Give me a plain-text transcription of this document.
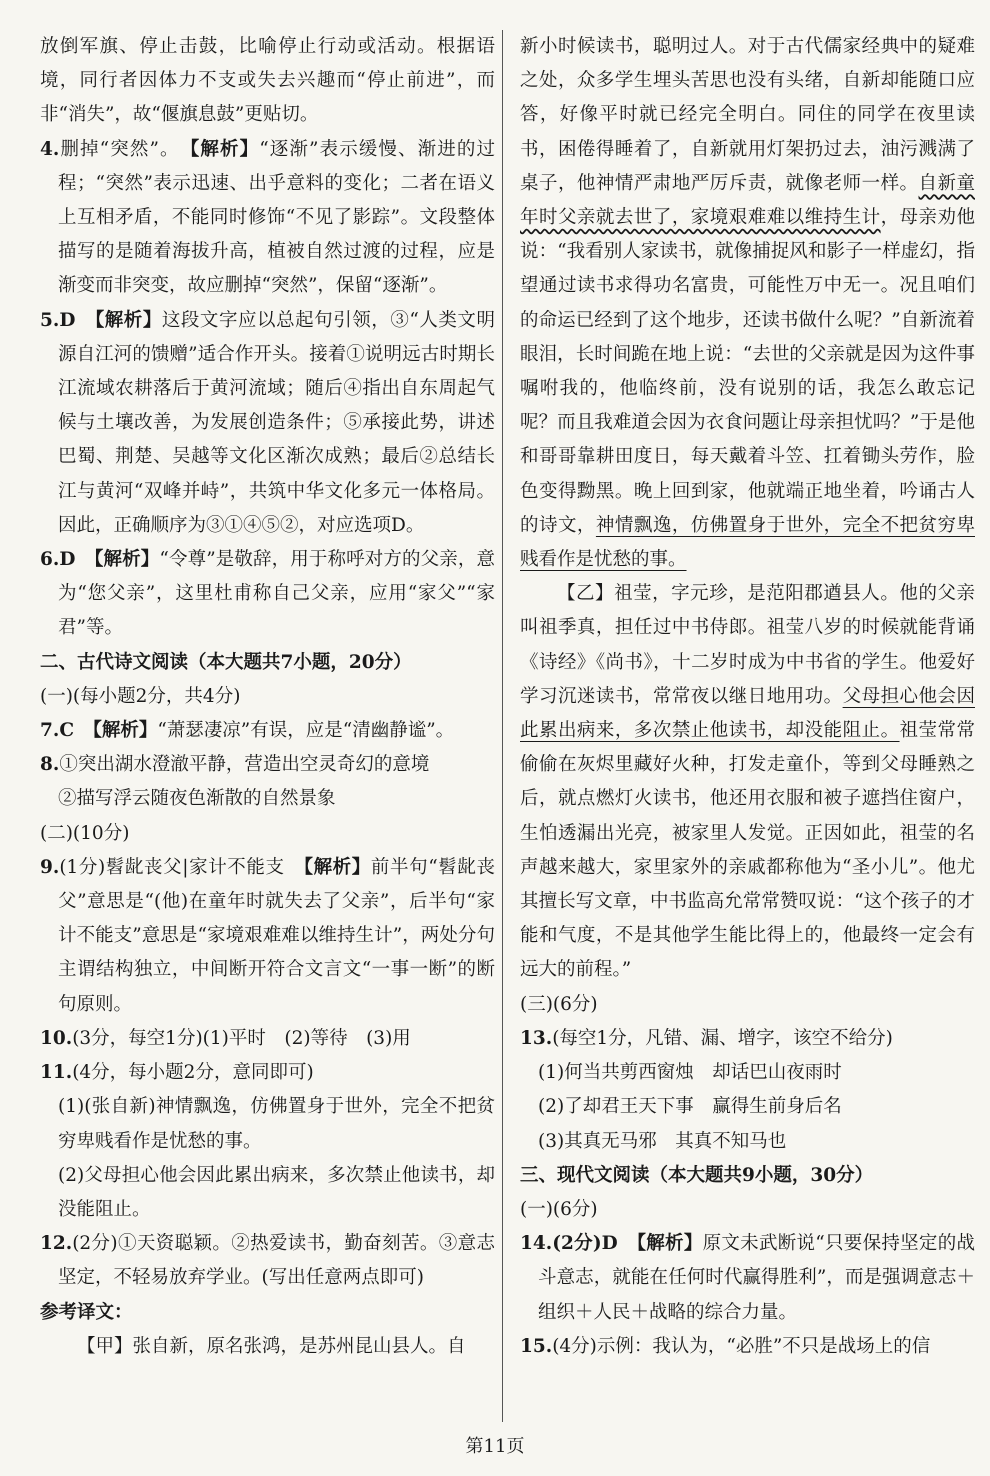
放倒军旗、停止击鼓，比喻停止行动或活动。根据语境，同行者因体力不支或失去兴趣而“停止前进”，而非“消失”，故“偃旗息鼓”更贴切。

4.删掉“突然”。　 【解析】“逐渐”表示缓慢、渐进的过程；“突然”表示迅速、出乎意料的变化；二者在语义上互相矛盾，不能同时修饰“不见了影踪”。文段整体描写的是随着海拔升高，植被自然过渡的过程，应是渐变而非突变，故应删掉“突然”，保留“逐渐”。

5.D　 【解析】这段文字应以总起句引领，③“人类文明源自江河的馈赠”适合作开头。接着①说明远古时期长江流域农耕落后于黄河流域；随后④指出自东周起气候与土壤改善，为发展创造条件；⑤承接此势，讲述巴蜀、荆楚、吴越等文化区渐次成熟；最后②总结长江与黄河“双峰并峙”，共筑中华文化多元一体格局。因此，正确顺序为③①④⑤②，对应选项D。

6.D　 【解析】“令尊”是敬辞，用于称呼对方的父亲，意为“您父亲”，这里杜甫称自己父亲，应用“家父”“家君”等。

二、古代诗文阅读（本大题共7小题，20分）

(一)(每小题2分，共4分)

7.C　 【解析】“萧瑟凄凉”有误，应是“清幽静谧”。

8.①突出湖水澄澈平静，营造出空灵奇幻的意境

②描写浮云随夜色渐散的自然景象

(二)(10分)

9.(1分)髫龀丧父|家计不能支　 【解析】前半句“髫龀丧父”意思是“(他)在童年时就失去了父亲”，后半句“家计不能支”意思是“家境艰难难以维持生计”，两处分句主谓结构独立，中间断开符合文言文“一事一断”的断句原则。

10.(3分，每空1分)(1)平时　(2)等待　(3)用

11.(4分，每小题2分，意同即可)

(1)(张自新)神情飘逸，仿佛置身于世外，完全不把贫穷卑贱看作是忧愁的事。

(2)父母担心他会因此累出病来，多次禁止他读书，却没能阻止。

12.(2分)①天资聪颖。②热爱读书，勤奋刻苦。③意志坚定，不轻易放弃学业。(写出任意两点即可)

参考译文：

【甲】张自新，原名张鸿，是苏州昆山县人。自

新小时候读书，聪明过人。对于古代儒家经典中的疑难之处，众多学生埋头苦思也没有头绪，自新却能随口应答，好像平时就已经完全明白。同住的同学在夜里读书，困倦得睡着了，自新就用灯架扔过去，油污溅满了桌子，他神情严肃地严厉斥责，就像老师一样。自新童年时父亲就去世了，家境艰难难以维持生计，母亲劝他说：“我看别人家读书，就像捕捉风和影子一样虚幻，指望通过读书求得功名富贵，可能性万中无一。况且咱们的命运已经到了这个地步，还读书做什么呢？”自新流着眼泪，长时间跪在地上说：“去世的父亲就是因为这件事嘱咐我的，他临终前，没有说别的话，我怎么敢忘记呢？而且我难道会因为衣食问题让母亲担忧吗？”于是他和哥哥靠耕田度日，每天戴着斗笠、扛着锄头劳作，脸色变得黝黑。晚上回到家，他就端正地坐着，吟诵古人的诗文，神情飘逸，仿佛置身于世外，完全不把贫穷卑贱看作是忧愁的事。

【乙】祖莹，字元珍，是范阳郡遒县人。他的父亲叫祖季真，担任过中书侍郎。祖莹八岁的时候就能背诵《诗经》《尚书》，十二岁时成为中书省的学生。他爱好学习沉迷读书，常常夜以继日地用功。父母担心他会因此累出病来，多次禁止他读书，却没能阻止。祖莹常常偷偷在灰烬里藏好火种，打发走童仆，等到父母睡熟之后，就点燃灯火读书，他还用衣服和被子遮挡住窗户，生怕透漏出光亮，被家里人发觉。正因如此，祖莹的名声越来越大，家里家外的亲戚都称他为“圣小儿”。他尤其擅长写文章，中书监高允常常赞叹说：“这个孩子的才能和气度，不是其他学生能比得上的，他最终一定会有远大的前程。”

(三)(6分)

13.(每空1分，凡错、漏、增字，该空不给分)

(1)何当共剪西窗烛　却话巴山夜雨时

(2)了却君王天下事　赢得生前身后名

(3)其真无马邪　其真不知马也

三、现代文阅读（本大题共9小题，30分）

(一)(6分)

14.(2分)D　 【解析】原文未武断说“只要保持坚定的战斗意志，就能在任何时代赢得胜利”，而是强调意志＋组织＋人民＋战略的综合力量。

15.(4分)示例：我认为，“必胜”不只是战场上的信

第11页
